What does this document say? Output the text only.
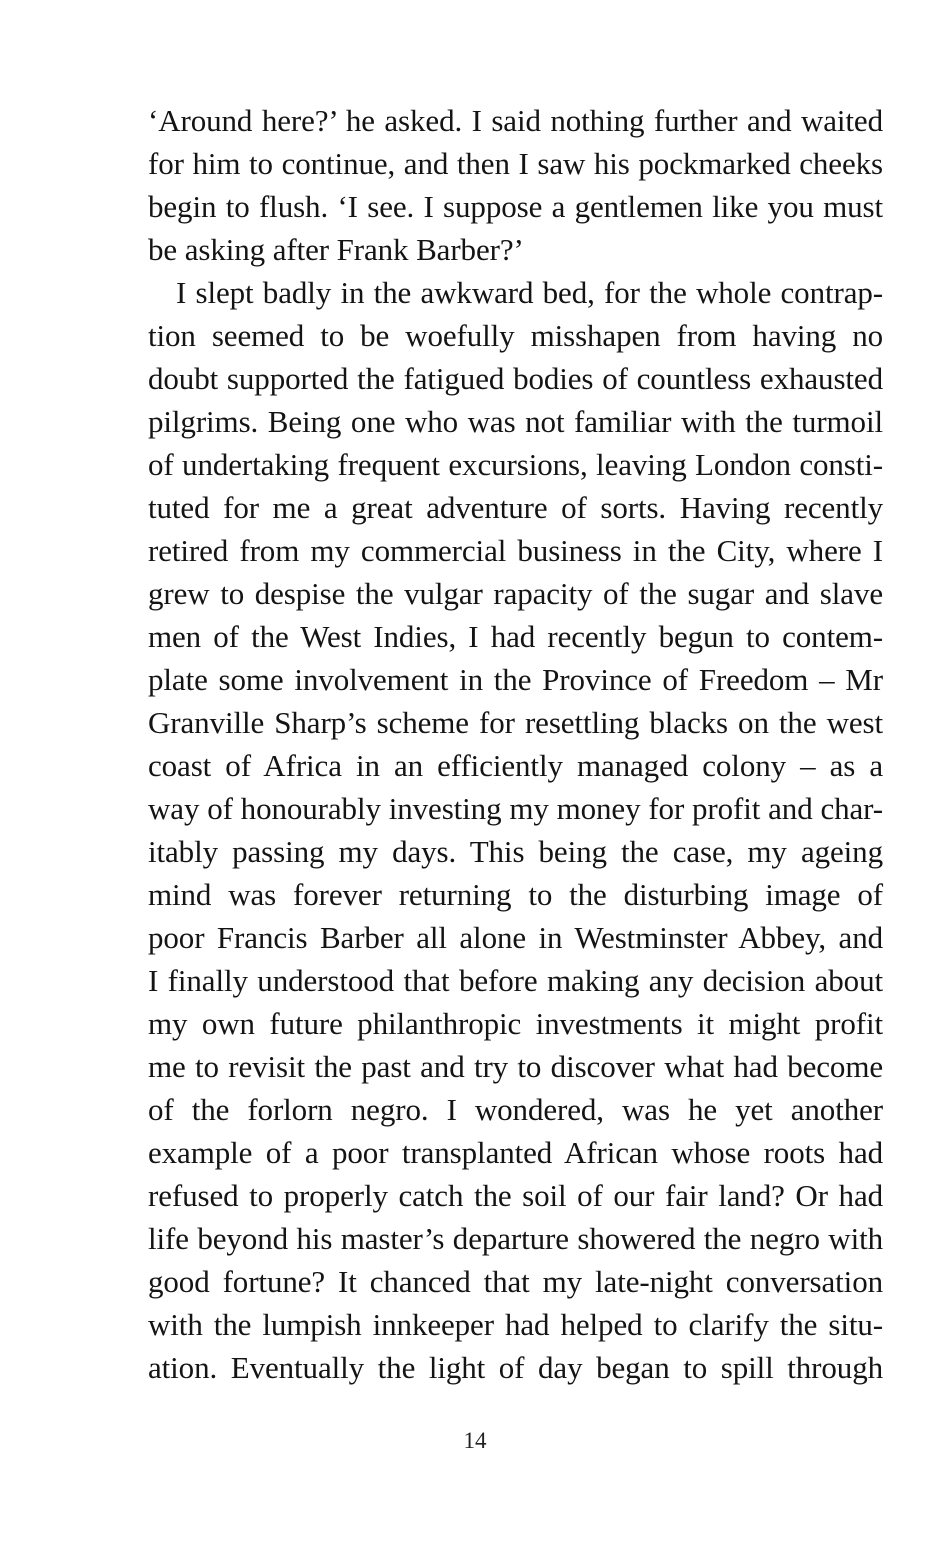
‘Around here?’ he asked. I said nothing further and waited
for him to continue, and then I saw his pockmarked cheeks
begin to flush. ‘I see. I suppose a gentlemen like you must
be asking after Frank Barber?’
I slept badly in the awkward bed, for the whole contrap-
tion seemed to be woefully misshapen from having no
doubt supported the fatigued bodies of countless exhausted
pilgrims. Being one who was not familiar with the turmoil
of undertaking frequent excursions, leaving London consti-
tuted for me a great adventure of sorts. Having recently
retired from my commercial business in the City, where I
grew to despise the vulgar rapacity of the sugar and slave
men of the West Indies, I had recently begun to contem-
plate some involvement in the Province of Freedom – Mr
Granville Sharp’s scheme for resettling blacks on the west
coast of Africa in an efficiently managed colony – as a
way of honourably investing my money for profit and char-
itably passing my days. This being the case, my ageing
mind was forever returning to the disturbing image of
poor Francis Barber all alone in Westminster Abbey, and
I finally understood that before making any decision about
my own future philanthropic investments it might profit
me to revisit the past and try to discover what had become
of the forlorn negro. I wondered, was he yet another
example of a poor transplanted African whose roots had
refused to properly catch the soil of our fair land? Or had
life beyond his master’s departure showered the negro with
good fortune? It chanced that my late-night conversation
with the lumpish innkeeper had helped to clarify the situ-
ation. Eventually the light of day began to spill through
14
